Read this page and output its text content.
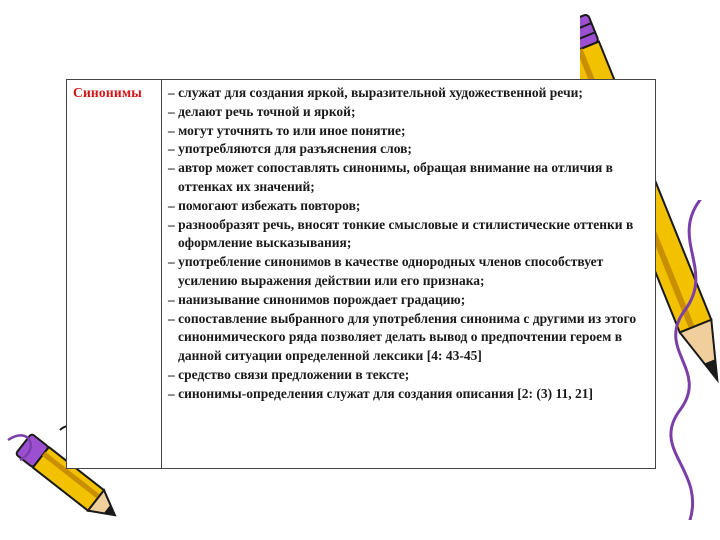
Синонимы	– служат для создания яркой, выразительной художественной речи;
– делают речь точной и яркой;
– могут уточнять то или иное понятие;
– употребляются для разъяснения слов;
– автор может сопоставлять синонимы, обращая внимание на отличия в оттенках их значений;
– помогают избежать повторов;
– разнообразят речь, вносят тонкие смысловые и стилистические оттенки в оформление высказывания;
– употребление синонимов в качестве однородных членов способствует усилению выражения действии или его признака;
– нанизывание синонимов порождает градацию;
– сопоставление выбранного для употребления синонима с другими из этого синонимического ряда позволяет делать вывод о предпочтении героем в данной ситуации определенной лексики [4: 43-45]
– средство связи предложении в тексте;
– синонимы-определения служат для создания описания [2: (3) 11, 21]
